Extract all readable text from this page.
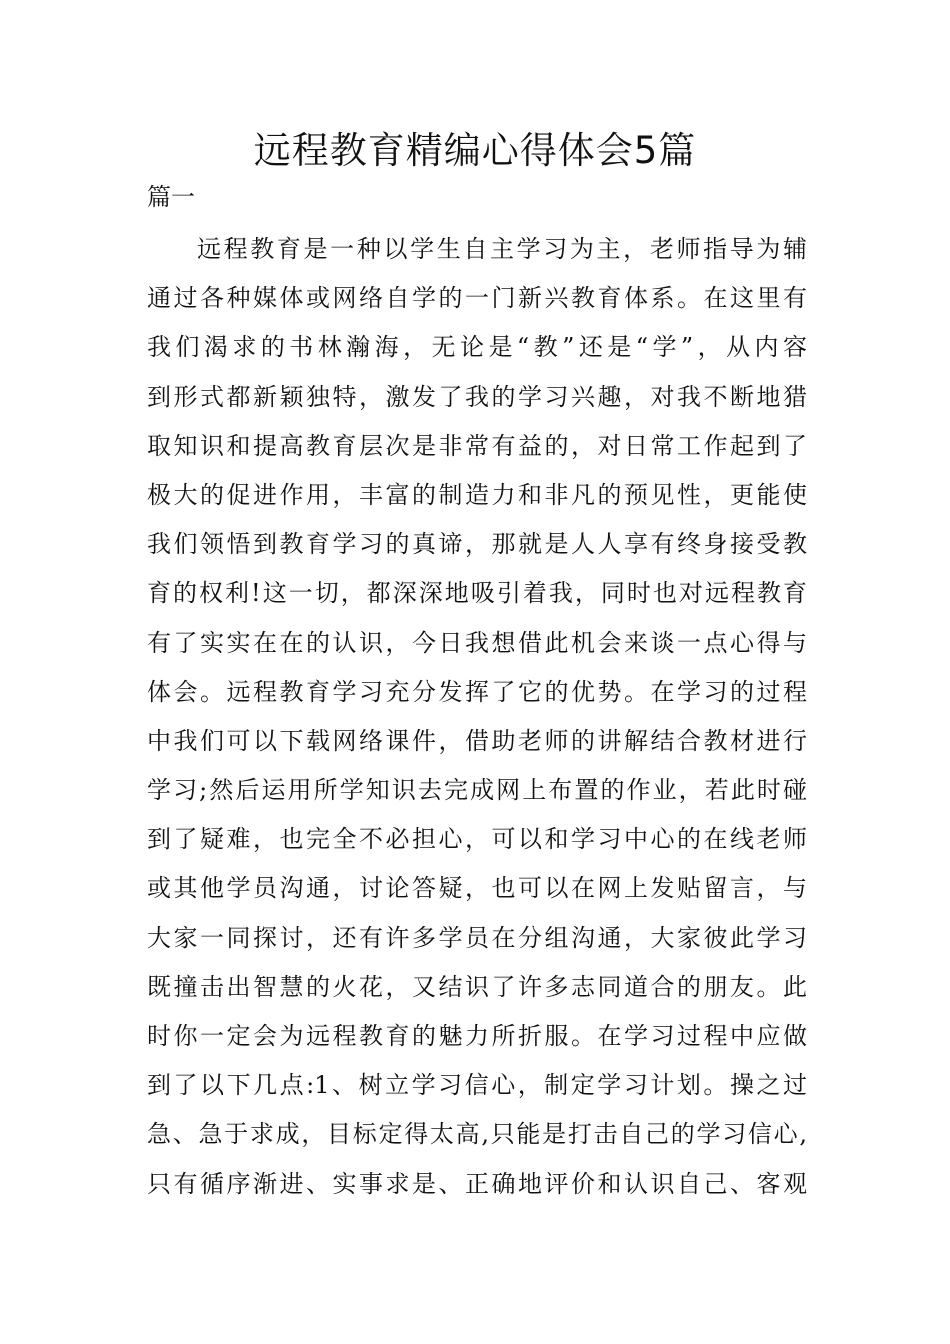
远程教育精编心得体会5篇
篇一
远程教育是一种以学生自主学习为主，老师指导为辅
通过各种媒体或网络自学的一门新兴教育体系。在这里有
我们渴求的书林瀚海，无论是“教”还是“学”，从内容
到形式都新颖独特，激发了我的学习兴趣，对我不断地猎
取知识和提高教育层次是非常有益的，对日常工作起到了
极大的促进作用，丰富的制造力和非凡的预见性，更能使
我们领悟到教育学习的真谛，那就是人人享有终身接受教
育的权利!这一切，都深深地吸引着我，同时也对远程教育
有了实实在在的认识，今日我想借此机会来谈一点心得与
体会。远程教育学习充分发挥了它的优势。在学习的过程
中我们可以下载网络课件，借助老师的讲解结合教材进行
学习;然后运用所学知识去完成网上布置的作业，若此时碰
到了疑难，也完全不必担心，可以和学习中心的在线老师
或其他学员沟通，讨论答疑，也可以在网上发贴留言，与
大家一同探讨，还有许多学员在分组沟通，大家彼此学习
既撞击出智慧的火花，又结识了许多志同道合的朋友。此
时你一定会为远程教育的魅力所折服。在学习过程中应做
到了以下几点:1、树立学习信心，制定学习计划。操之过
急、急于求成，目标定得太高,只能是打击自己的学习信心,
只有循序渐进、实事求是、正确地评价和认识自己、客观
